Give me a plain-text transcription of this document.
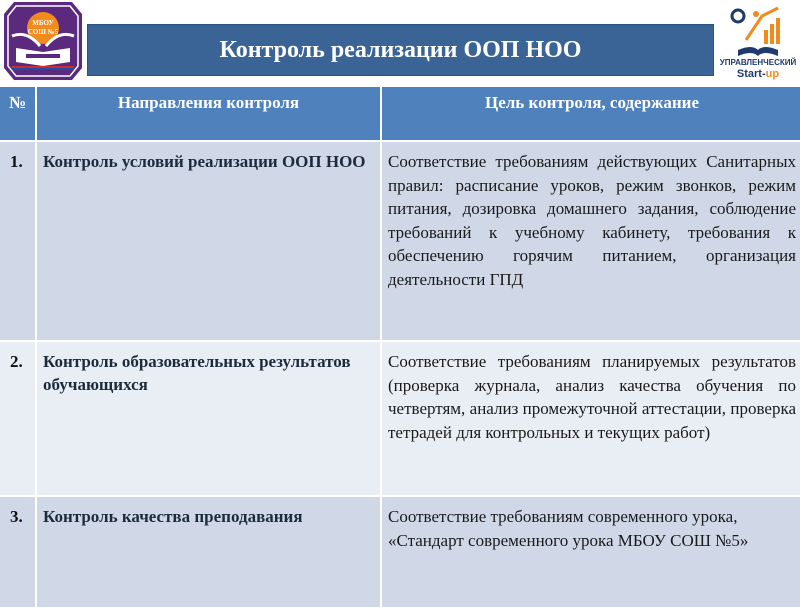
МБОУ
СОШ №5
УПРАВЛЕНЧЕСКИЙ
Start-up
Контроль реализации ООП НОО
№	Направления контроля	Цель контроля, содержание
1.	Контроль условий реализации ООП НОО	Соответствие требованиям действующих Санитарных правил: расписание уроков, режим звонков, режим питания, дозировка домашнего задания, соблюдение требований к учебному кабинету, требования к обеспечению горячим питанием, организация деятельности ГПД
2.	Контроль образовательных результатов обучающихся	Соответствие требованиям планируемых результатов (проверка журнала, анализ качества обучения по четвертям, анализ промежуточной аттестации, проверка тетрадей для контрольных и текущих работ)
3.	Контроль качества преподавания	Соответствие требованиям современного урока, «Стандарт современного урока МБОУ СОШ №5»
